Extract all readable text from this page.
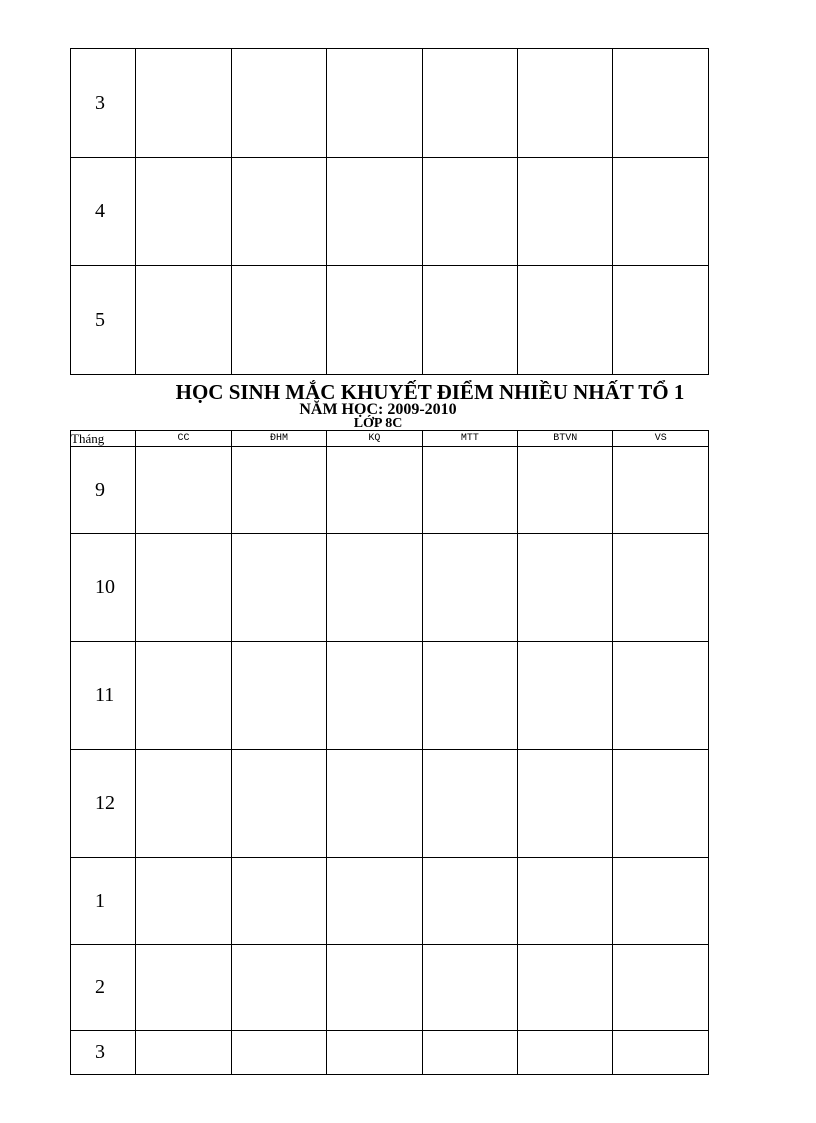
3						
4						
5						
HỌC SINH MẮC KHUYẾT ĐIỂM NHIỀU NHẤT TỔ 1
NĂM HỌC: 2009-2010
LỚP 8C
Tháng	CC	ĐHM	KQ	MTT	BTVN	VS
9						
10						
11						
12						
1						
2						
3						
